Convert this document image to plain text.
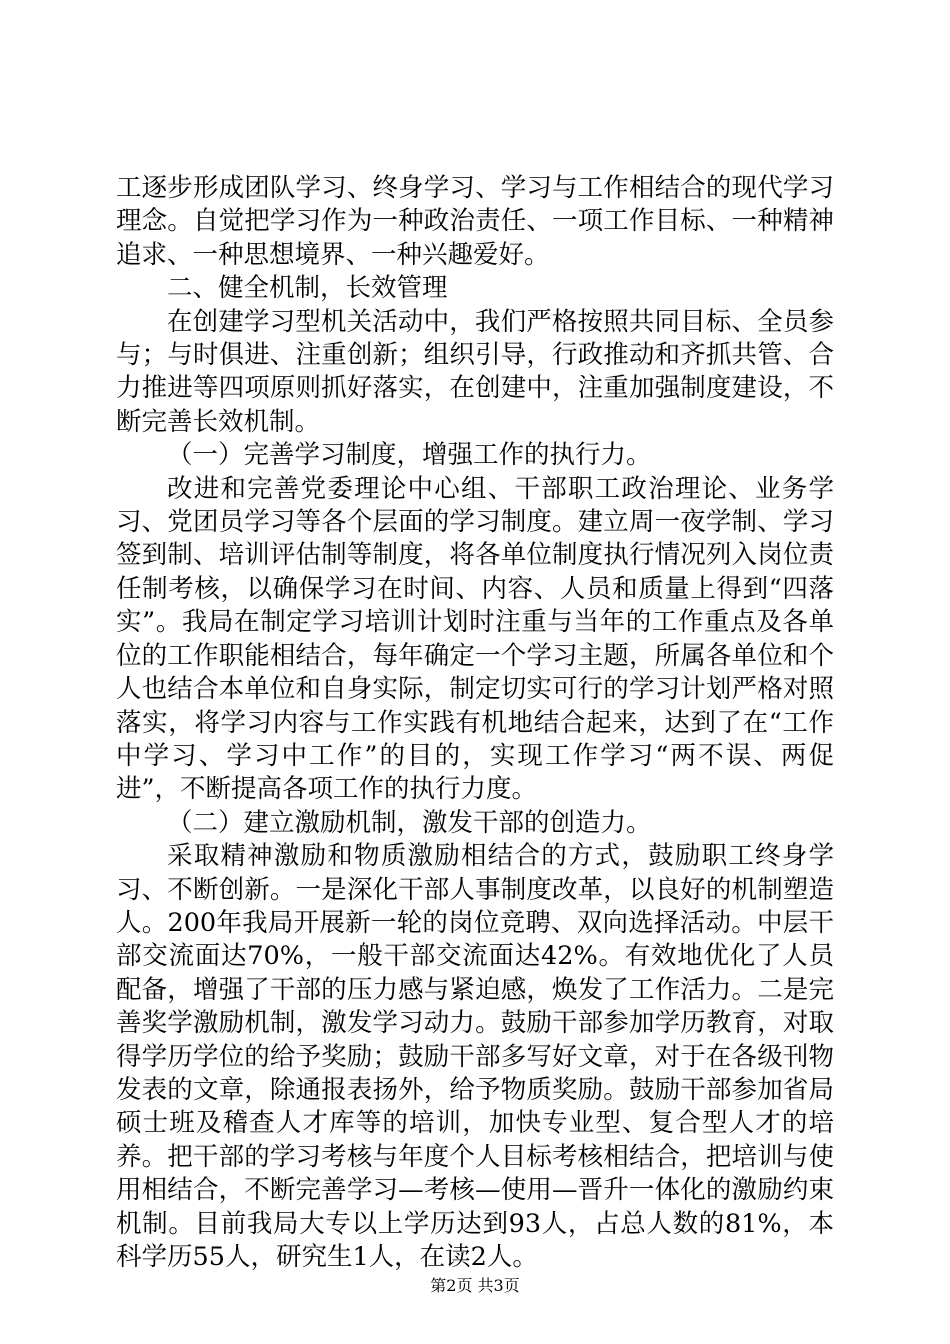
工逐步形成团队学习、终身学习、学习与工作相结合的现代学习理念。自觉把学习作为一种政治责任、一项工作目标、一种精神追求、一种思想境界、一种兴趣爱好。

二、健全机制，长效管理

在创建学习型机关活动中，我们严格按照共同目标、全员参与；与时俱进、注重创新；组织引导，行政推动和齐抓共管、合力推进等四项原则抓好落实，在创建中，注重加强制度建设，不断完善长效机制。

（一）完善学习制度，增强工作的执行力。

改进和完善党委理论中心组、干部职工政治理论、业务学习、党团员学习等各个层面的学习制度。建立周一夜学制、学习签到制、培训评估制等制度，将各单位制度执行情况列入岗位责任制考核，以确保学习在时间、内容、人员和质量上得到“四落实”。我局在制定学习培训计划时注重与当年的工作重点及各单位的工作职能相结合，每年确定一个学习主题，所属各单位和个人也结合本单位和自身实际，制定切实可行的学习计划严格对照落实，将学习内容与工作实践有机地结合起来，达到了在“工作中学习、学习中工作”的目的，实现工作学习“两不误、两促进”，不断提高各项工作的执行力度。

（二）建立激励机制，激发干部的创造力。

采取精神激励和物质激励相结合的方式，鼓励职工终身学习、不断创新。一是深化干部人事制度改革，以良好的机制塑造人。200年我局开展新一轮的岗位竞聘、双向选择活动。中层干部交流面达70%，一般干部交流面达42%。有效地优化了人员配备，增强了干部的压力感与紧迫感，焕发了工作活力。二是完善奖学激励机制，激发学习动力。鼓励干部参加学历教育，对取得学历学位的给予奖励；鼓励干部多写好文章，对于在各级刊物发表的文章，除通报表扬外，给予物质奖励。鼓励干部参加省局硕士班及稽查人才库等的培训，加快专业型、复合型人才的培养。把干部的学习考核与年度个人目标考核相结合，把培训与使用相结合，不断完善学习—考核—使用—晋升一体化的激励约束机制。目前我局大专以上学历达到93人，占总人数的81%，本科学历55人，研究生1人，在读2人。

第2页 共3页
